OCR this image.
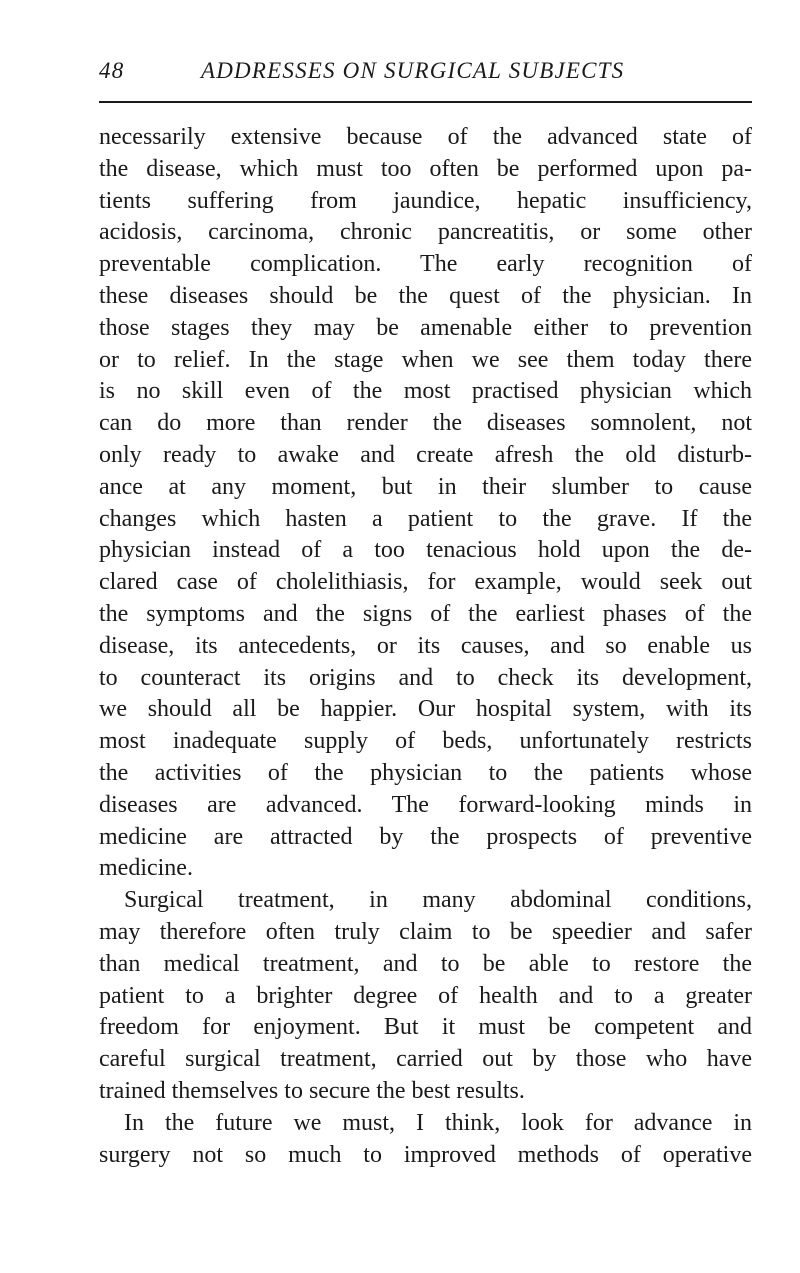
48	ADDRESSES ON SURGICAL SUBJECTS
necessarily extensive because of the advanced state of
the disease, which must too often be performed upon pa-
tients suffering from jaundice, hepatic insufficiency,
acidosis, carcinoma, chronic pancreatitis, or some other
preventable complication. The early recognition of
these diseases should be the quest of the physician. In
those stages they may be amenable either to prevention
or to relief. In the stage when we see them today there
is no skill even of the most practised physician which
can do more than render the diseases somnolent, not
only ready to awake and create afresh the old disturb-
ance at any moment, but in their slumber to cause
changes which hasten a patient to the grave. If the
physician instead of a too tenacious hold upon the de-
clared case of cholelithiasis, for example, would seek out
the symptoms and the signs of the earliest phases of the
disease, its antecedents, or its causes, and so enable us
to counteract its origins and to check its development,
we should all be happier. Our hospital system, with its
most inadequate supply of beds, unfortunately restricts
the activities of the physician to the patients whose
diseases are advanced. The forward-looking minds in
medicine are attracted by the prospects of preventive
medicine.
Surgical treatment, in many abdominal conditions,
may therefore often truly claim to be speedier and safer
than medical treatment, and to be able to restore the
patient to a brighter degree of health and to a greater
freedom for enjoyment. But it must be competent and
careful surgical treatment, carried out by those who have
trained themselves to secure the best results.
In the future we must, I think, look for advance in
surgery not so much to improved methods of operative
